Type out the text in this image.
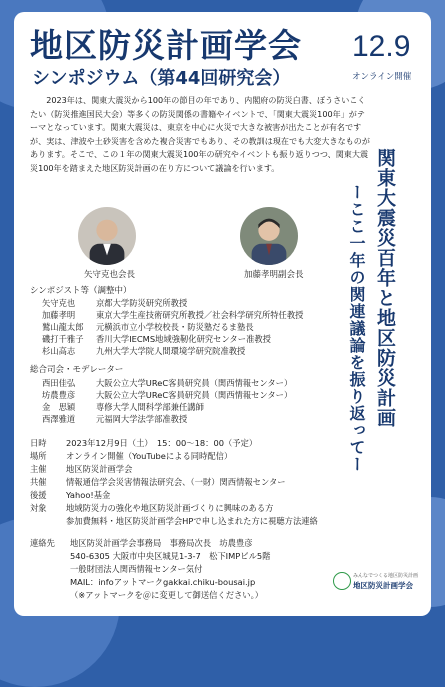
地区防災計画学会
シンポジウム（第44回研究会）
12.9
オンライン開催
2023年は、関東大震災から100年の節目の年であり、内閣府の防災白書、ぼうさいこくたい（防災推進国民大会）等多くの防災関係の書籍やイベントで、「関東大震災100年」がテーマとなっています。関東大震災は、東京を中心に火災で大きな被害が出たことが有名ですが、実は、津波や土砂災害を含めた複合災害でもあり、その教訓は現在でも大変大きなものがあります。そこで、この１年の関東大震災100年の研究やイベントも振り返りつつ、関東大震災100年を踏まえた地区防災計画の在り方について議論を行います。	関東大震災百年と地区防災計画
ーここ一年の関連議論を振り返ってー
矢守克也会長	加藤孝明副会長
シンポジスト等（調整中）
矢守克也	京都大学防災研究所教授
加藤孝明	東京大学生産技術研究所教授／社会科学研究所特任教授
鷲山龍太郎 元横浜市立小学校校長・防災塾だるま塾長
磯打千雅子 香川大学IECMS地域強靭化研究センター准教授
杉山高志	九州大学大学院人間環境学研究院准教授
総合司会・モデレーター
西田佳弘	大阪公立大学UReC客員研究員（関西情報センター）
坊農豊彦	大阪公立大学UReC客員研究員（関西情報センター）
金　思穎	専修大学人間科学部兼任講師
西澤雅道	元福岡大学法学部准教授
日時 2023年12月9日（土）　15：00～18：00（予定）
場所 オンライン開催（YouTubeによる同時配信）
主催 地区防災計画学会
共催 情報通信学会災害情報法研究会、（一財）関西情報センター
後援 Yahoo!基金
対象 地域防災力の強化や地区防災計画づくりに興味のある方
参加費無料・地区防災計画学会HPで申し込まれた方に視聴方法連絡
連絡先 地区防災計画学会事務局　事務局次長　坊農豊彦
540-6305 大阪市中央区城見1-3-7　松下IMPビル5階
一般財団法人関西情報センター気付
MAIL：infoアットマークgakkai.chiku-bousai.jp
（※アットマークを＠に変更して御送信ください。）
みんなでつくる地区防災計画
地区防災計画学会
